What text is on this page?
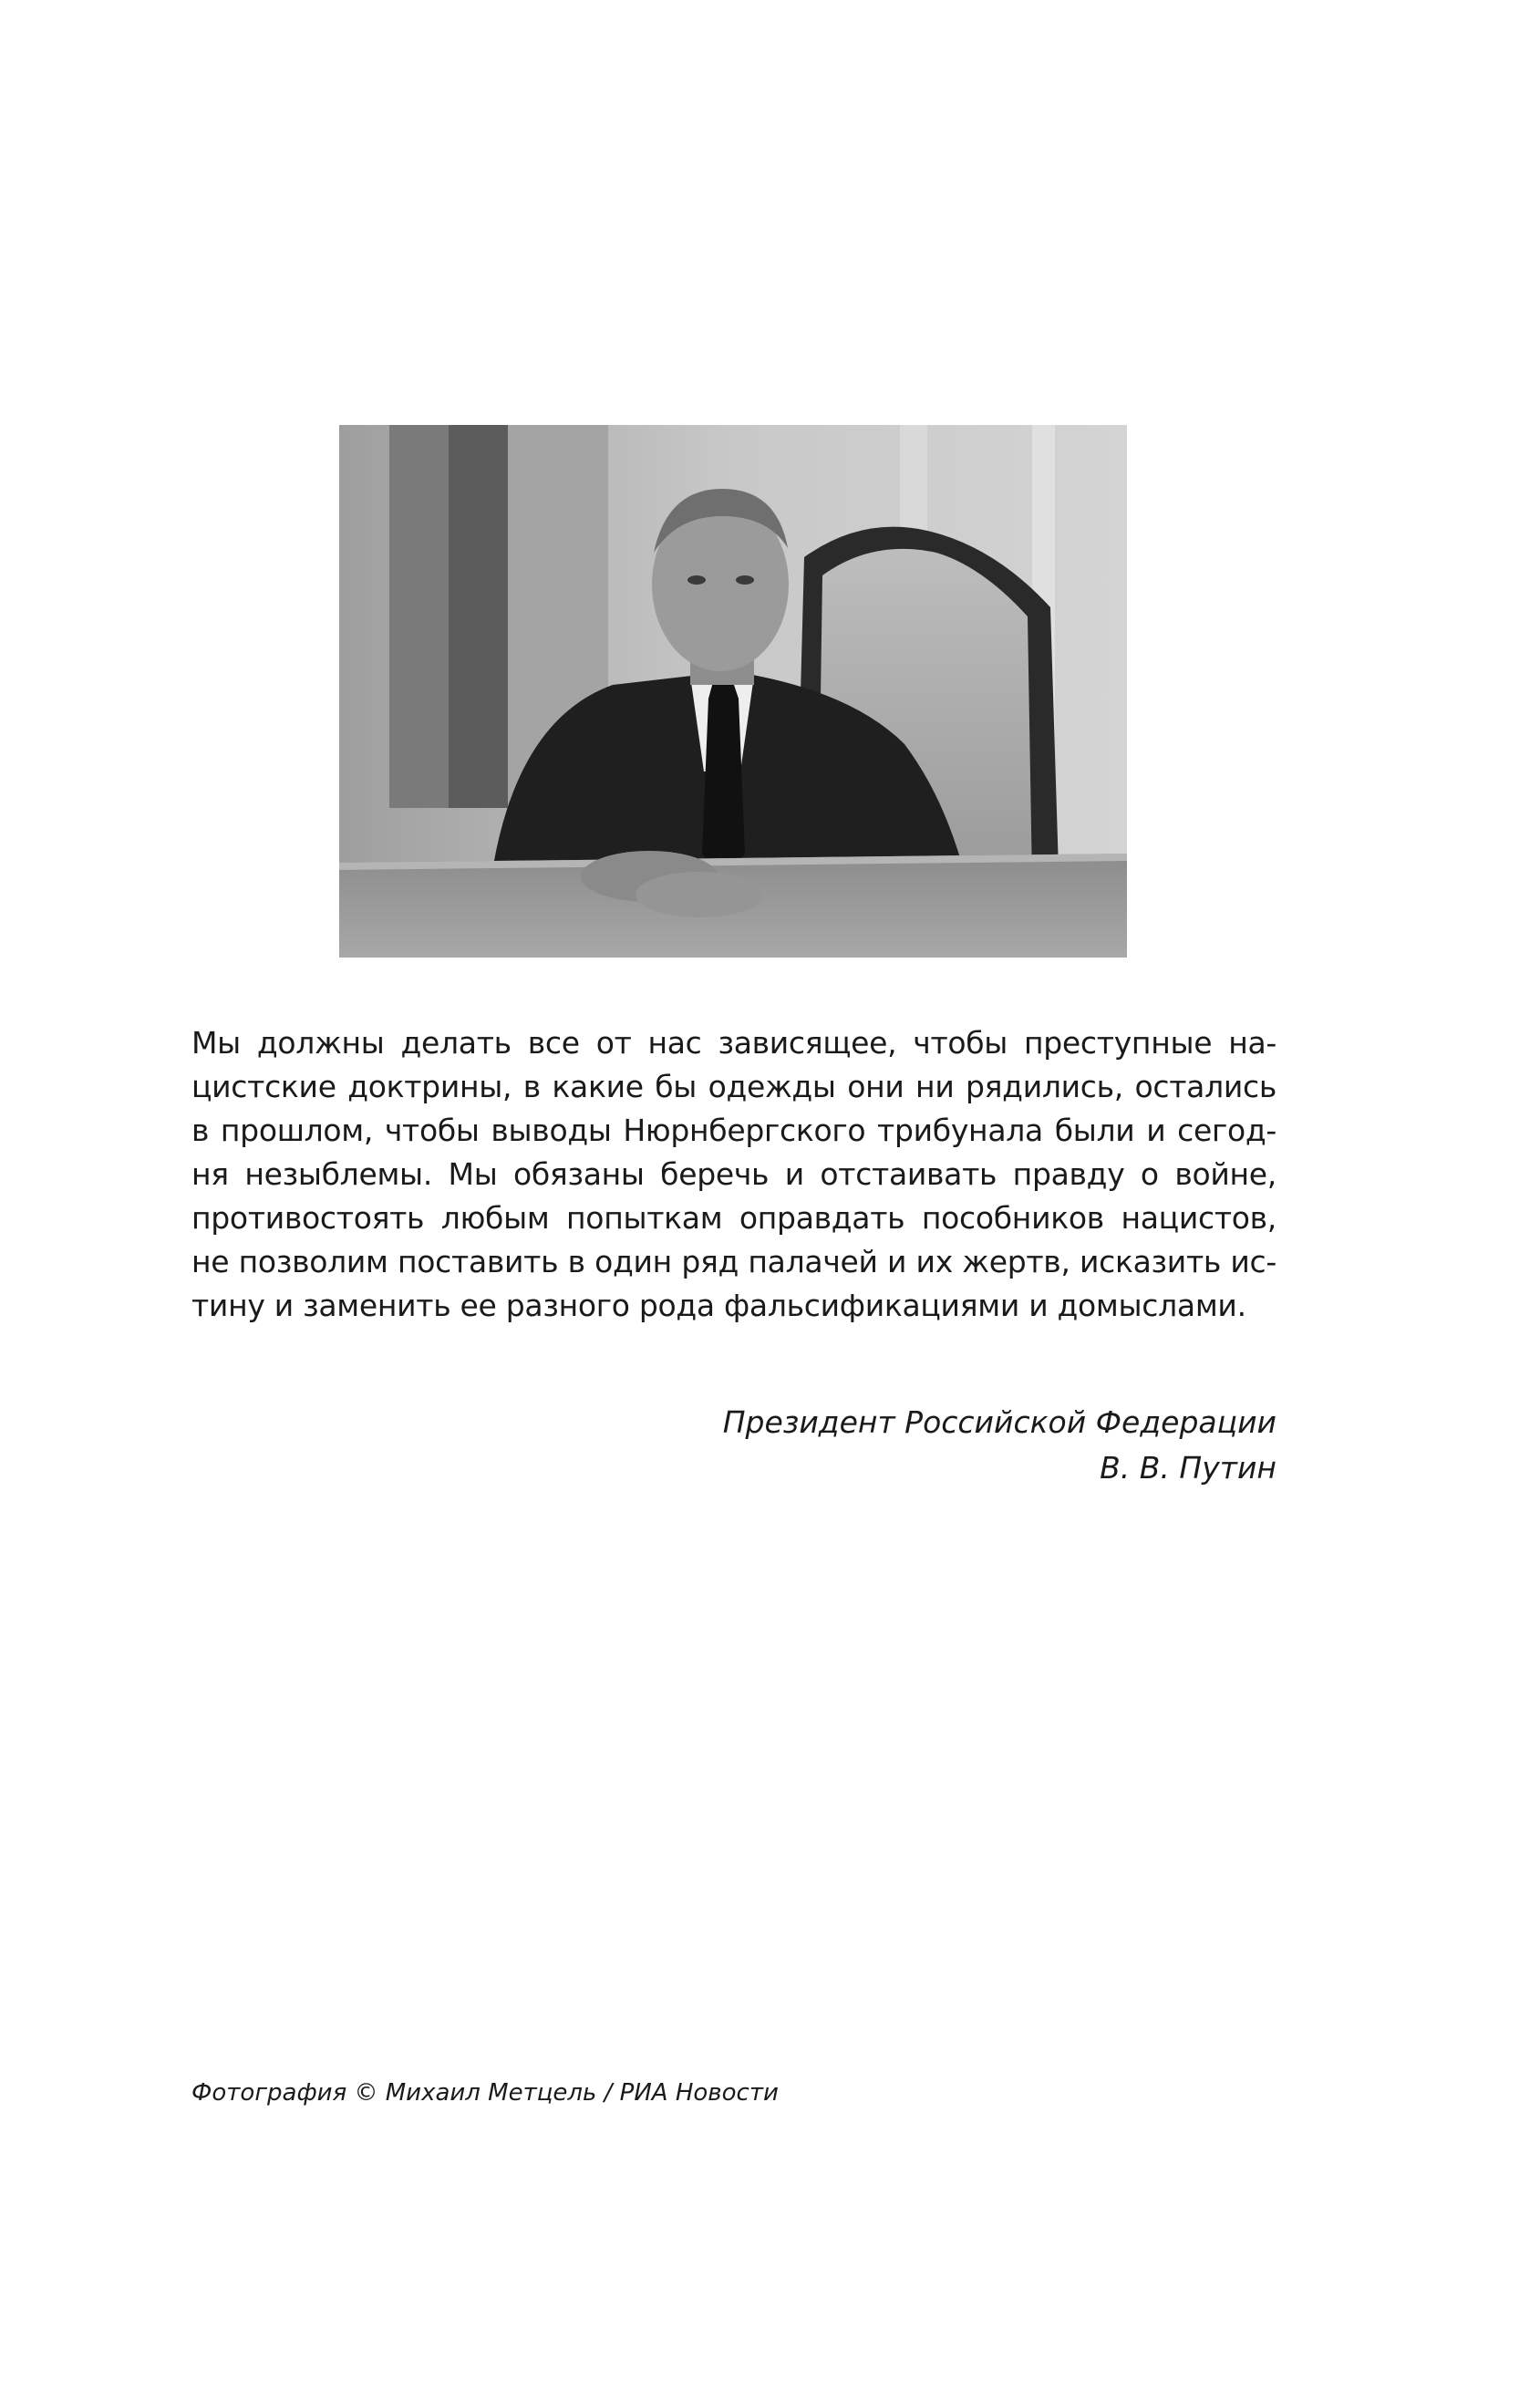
Мы должны делать все от нас зависящее, чтобы преступные на-
цистские доктрины, в какие бы одежды они ни рядились, остались
в прошлом, чтобы выводы Нюрнбергского трибунала были и сегод-
ня незыблемы. Мы обязаны беречь и отстаивать правду о войне,
противостоять любым попыткам оправдать пособников нацистов,
не позволим поставить в один ряд палачей и их жертв, исказить ис-
тину и заменить ее разного рода фальсификациями и домыслами.
Президент Российской Федерации
В. В. Путин
Фотография © Михаил Метцель / РИА Новости
